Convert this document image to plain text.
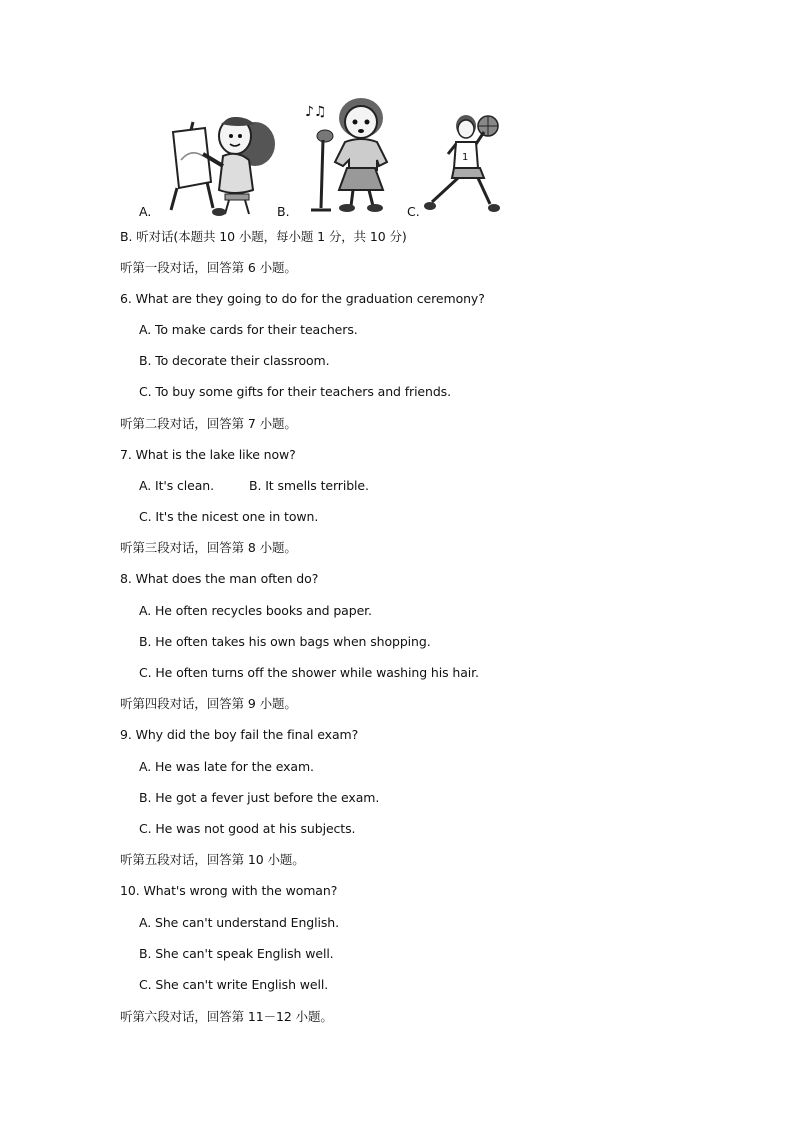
A.	B.
♪♫
C.
1
B. 听对话(本题共 10 小题，每小题 1 分，共 10 分)
听第一段对话，回答第 6 小题。
6. What are they going to do for the graduation ceremony?
A. To make cards for their teachers.
B. To decorate their classroom.
C. To buy some gifts for their teachers and friends.
听第二段对话，回答第 7 小题。
7. What is the lake like now?
A. It's clean.	B. It smells terrible.
C. It's the nicest one in town.
听第三段对话，回答第 8 小题。
8. What does the man often do?
A. He often recycles books and paper.
B. He often takes his own bags when shopping.
C. He often turns off the shower while washing his hair.
听第四段对话，回答第 9 小题。
9. Why did the boy fail the final exam?
A. He was late for the exam.
B. He got a fever just before the exam.
C. He was not good at his subjects.
听第五段对话，回答第 10 小题。
10. What's wrong with the woman?
A. She can't understand English.
B. She can't speak English well.
C. She can't write English well.
听第六段对话，回答第 11－12 小题。
